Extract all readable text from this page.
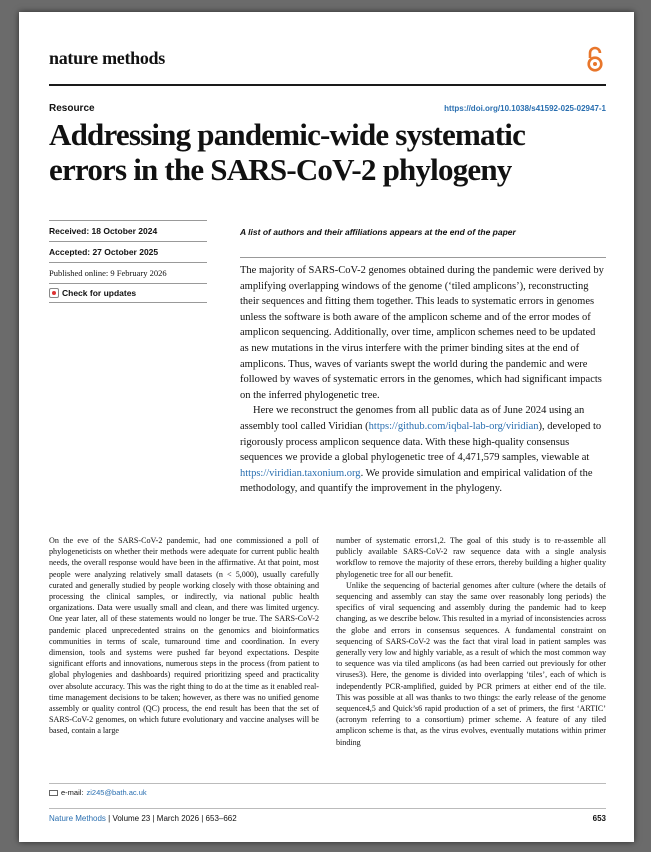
nature methods
Resource	https://doi.org/10.1038/s41592-025-02947-1
Addressing pandemic-wide systematic errors in the SARS-CoV-2 phylogeny
Received: 18 October 2024
Accepted: 27 October 2025
Published online: 9 February 2026
Check for updates
A list of authors and their affiliations appears at the end of the paper

The majority of SARS-CoV-2 genomes obtained during the pandemic were derived by amplifying overlapping windows of the genome (‘tiled amplicons’), reconstructing their sequences and fitting them together. This leads to systematic errors in genomes unless the software is both aware of the amplicon scheme and of the error modes of amplicon sequencing. Additionally, over time, amplicon schemes need to be updated as new mutations in the virus interfere with the primer binding sites at the end of amplicons. Thus, waves of variants swept the world during the pandemic and were followed by waves of systematic errors in the genomes, which had significant impacts on the inferred phylogenetic tree.

Here we reconstruct the genomes from all public data as of June 2024 using an assembly tool called Viridian (https://github.com/iqbal-lab-org/viridian), developed to rigorously process amplicon sequence data. With these high-quality consensus sequences we provide a global phylogenetic tree of 4,471,579 samples, viewable at https://viridian.taxonium.org. We provide simulation and empirical validation of the methodology, and quantify the improvement in the phylogeny.

On the eve of the SARS-CoV-2 pandemic, had one commissioned a poll of phylogeneticists on whether their methods were adequate for current public health needs, the overall response would have been in the affirmative. At that point, most people were analyzing relatively small datasets (n < 5,000), usually carefully curated and generally studied by people working closely with those obtaining and processing the clinical samples, or indirectly, via national public health organizations. Data were usually small and clean, and there was limited urgency. One year later, all of these statements would no longer be true. The SARS-CoV-2 pandemic placed unprecedented strains on the genomics and bioinformatics communities in terms of scale, turnaround time and coordination. In every dimension, tools and systems were pushed far beyond expectations. Despite significant efforts and innovations, numerous steps in the process (from patient to global phylogenies and dashboards) required prioritizing speed and practicality over absolute accuracy. This was the right thing to do at the time as it enabled real-time management decisions to be taken; however, as there was no unified genome assembly or quality control (QC) process, the end result has been that the set of SARS-CoV-2 genomes, on which future evolutionary and vaccine analyses will be based, contain a large

number of systematic errors1,2. The goal of this study is to re-assemble all publicly available SARS-CoV-2 raw sequence data with a single analysis workflow to remove the majority of these errors, thereby building a higher quality phylogenetic tree for all our benefit.

Unlike the sequencing of bacterial genomes after culture (where the details of sequencing and assembly can stay the same over reasonably long periods) the specifics of viral sequencing and assembly during the pandemic had to keep changing, as we describe below. This resulted in a myriad of inconsistencies across the globe and errors in consensus sequences. A fundamental constraint on sequencing of SARS-CoV-2 was the fact that viral load in patient samples was generally very low and highly variable, as a result of which the most common way to sequence was via tiled amplicons (as had been carried out previously for other viruses3). Here, the genome is divided into overlapping ‘tiles’, each of which is independently PCR-amplified, guided by PCR primers at either end of the tile. This was possible at all was thanks to two things: the early release of the genome sequence4,5 and Quick’s6 rapid production of a set of primers, the first ‘ARTIC’ (acronym referring to a consortium) primer scheme. A feature of any tiled amplicon scheme is that, as the virus evolves, eventually mutations within primer binding

e-mail: zi245@bath.ac.uk
Nature Methods | Volume 23 | March 2026 | 653–662	653
